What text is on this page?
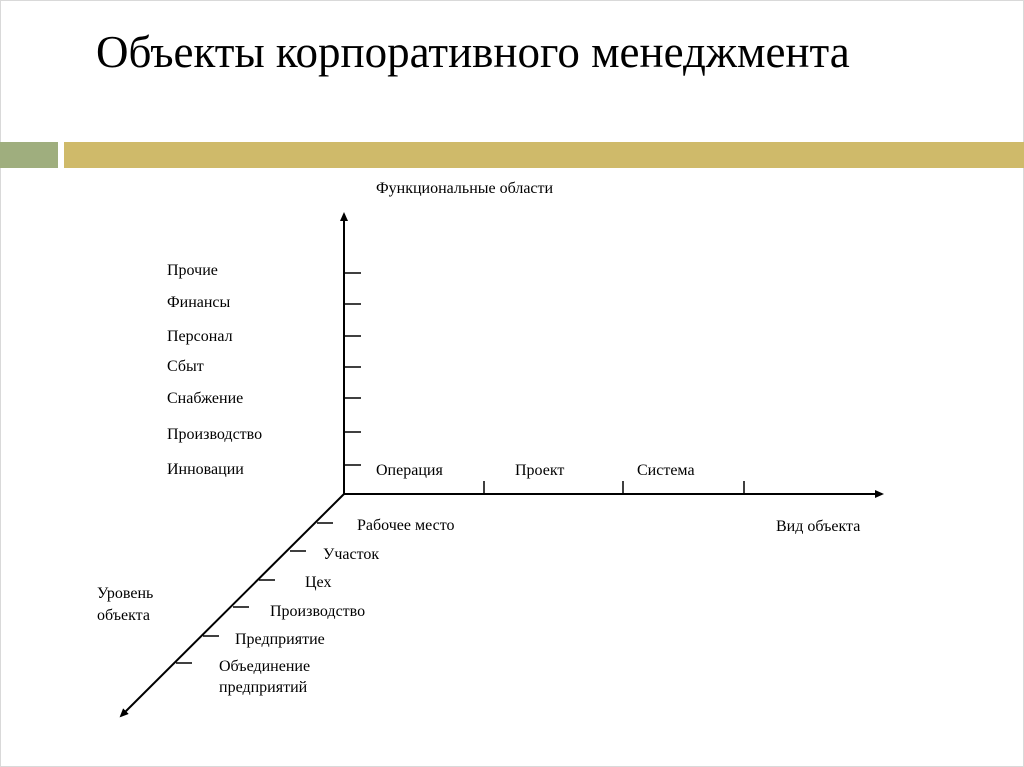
Объекты корпоративного менеджмента
Функциональные области
Вид объекта
Уровень
объекта
Прочие
Финансы
Персонал
Сбыт
Снабжение
Производство
Инновации	Операция	Проект	Система
Рабочее место
Участок
Цех
Производство
Предприятие
Объединение
предприятий
